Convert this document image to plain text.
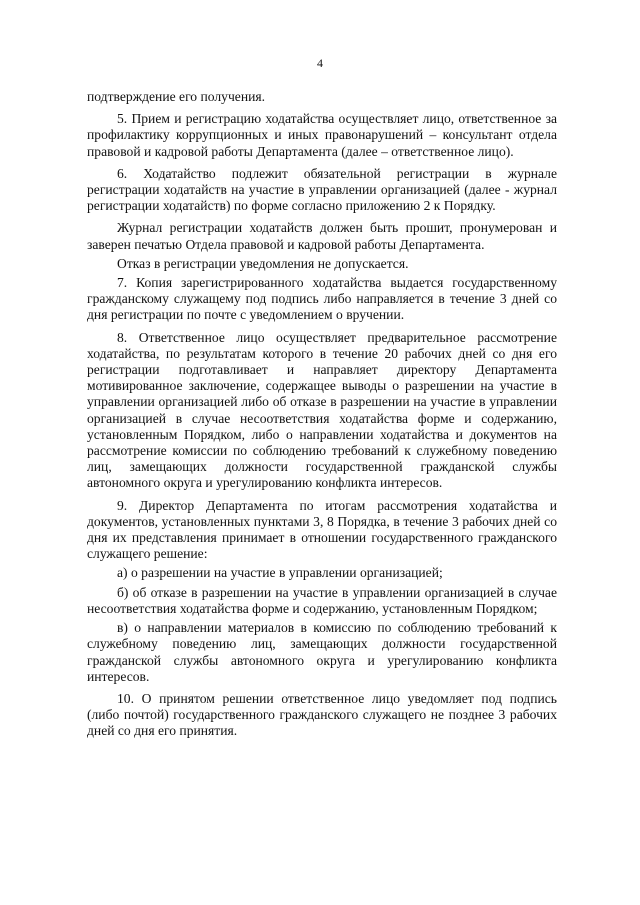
4

подтверждение его получения.

5. Прием и регистрацию ходатайства осуществляет лицо, ответственное за профилактику коррупционных и иных правонарушений – консультант отдела правовой и кадровой работы Департамента (далее – ответственное лицо).

6. Ходатайство подлежит обязательной регистрации в журнале регистрации ходатайств на участие в управлении организацией (далее - журнал регистрации ходатайств) по форме согласно приложению 2 к Порядку.

Журнал регистрации ходатайств должен быть прошит, пронумерован и заверен печатью Отдела правовой и кадровой работы Департамента.

Отказ в регистрации уведомления не допускается.

7. Копия зарегистрированного ходатайства выдается государственному гражданскому служащему под подпись либо направляется в течение 3 дней со дня регистрации по почте с уведомлением о вручении.

8. Ответственное лицо осуществляет предварительное рассмотрение ходатайства, по результатам которого в течение 20 рабочих дней со дня его регистрации подготавливает и направляет директору Департамента мотивированное заключение, содержащее выводы о разрешении на участие в управлении организацией либо об отказе в разрешении на участие в управлении организацией в случае несоответствия ходатайства форме и содержанию, установленным Порядком, либо о направлении ходатайства и документов на рассмотрение комиссии по соблюдению требований к служебному поведению лиц, замещающих должности государственной гражданской службы автономного округа и урегулированию конфликта интересов.

9. Директор Департамента по итогам рассмотрения ходатайства и документов, установленных пунктами 3, 8 Порядка, в течение 3 рабочих дней со дня их представления принимает в отношении государственного гражданского служащего решение:

а) о разрешении на участие в управлении организацией;

б) об отказе в разрешении на участие в управлении организацией в случае несоответствия ходатайства форме и содержанию, установленным Порядком;

в) о направлении материалов в комиссию по соблюдению требований к служебному поведению лиц, замещающих должности государственной гражданской службы автономного округа и урегулированию конфликта интересов.

10. О принятом решении ответственное лицо уведомляет под подпись (либо почтой) государственного гражданского служащего не позднее 3 рабочих дней со дня его принятия.
